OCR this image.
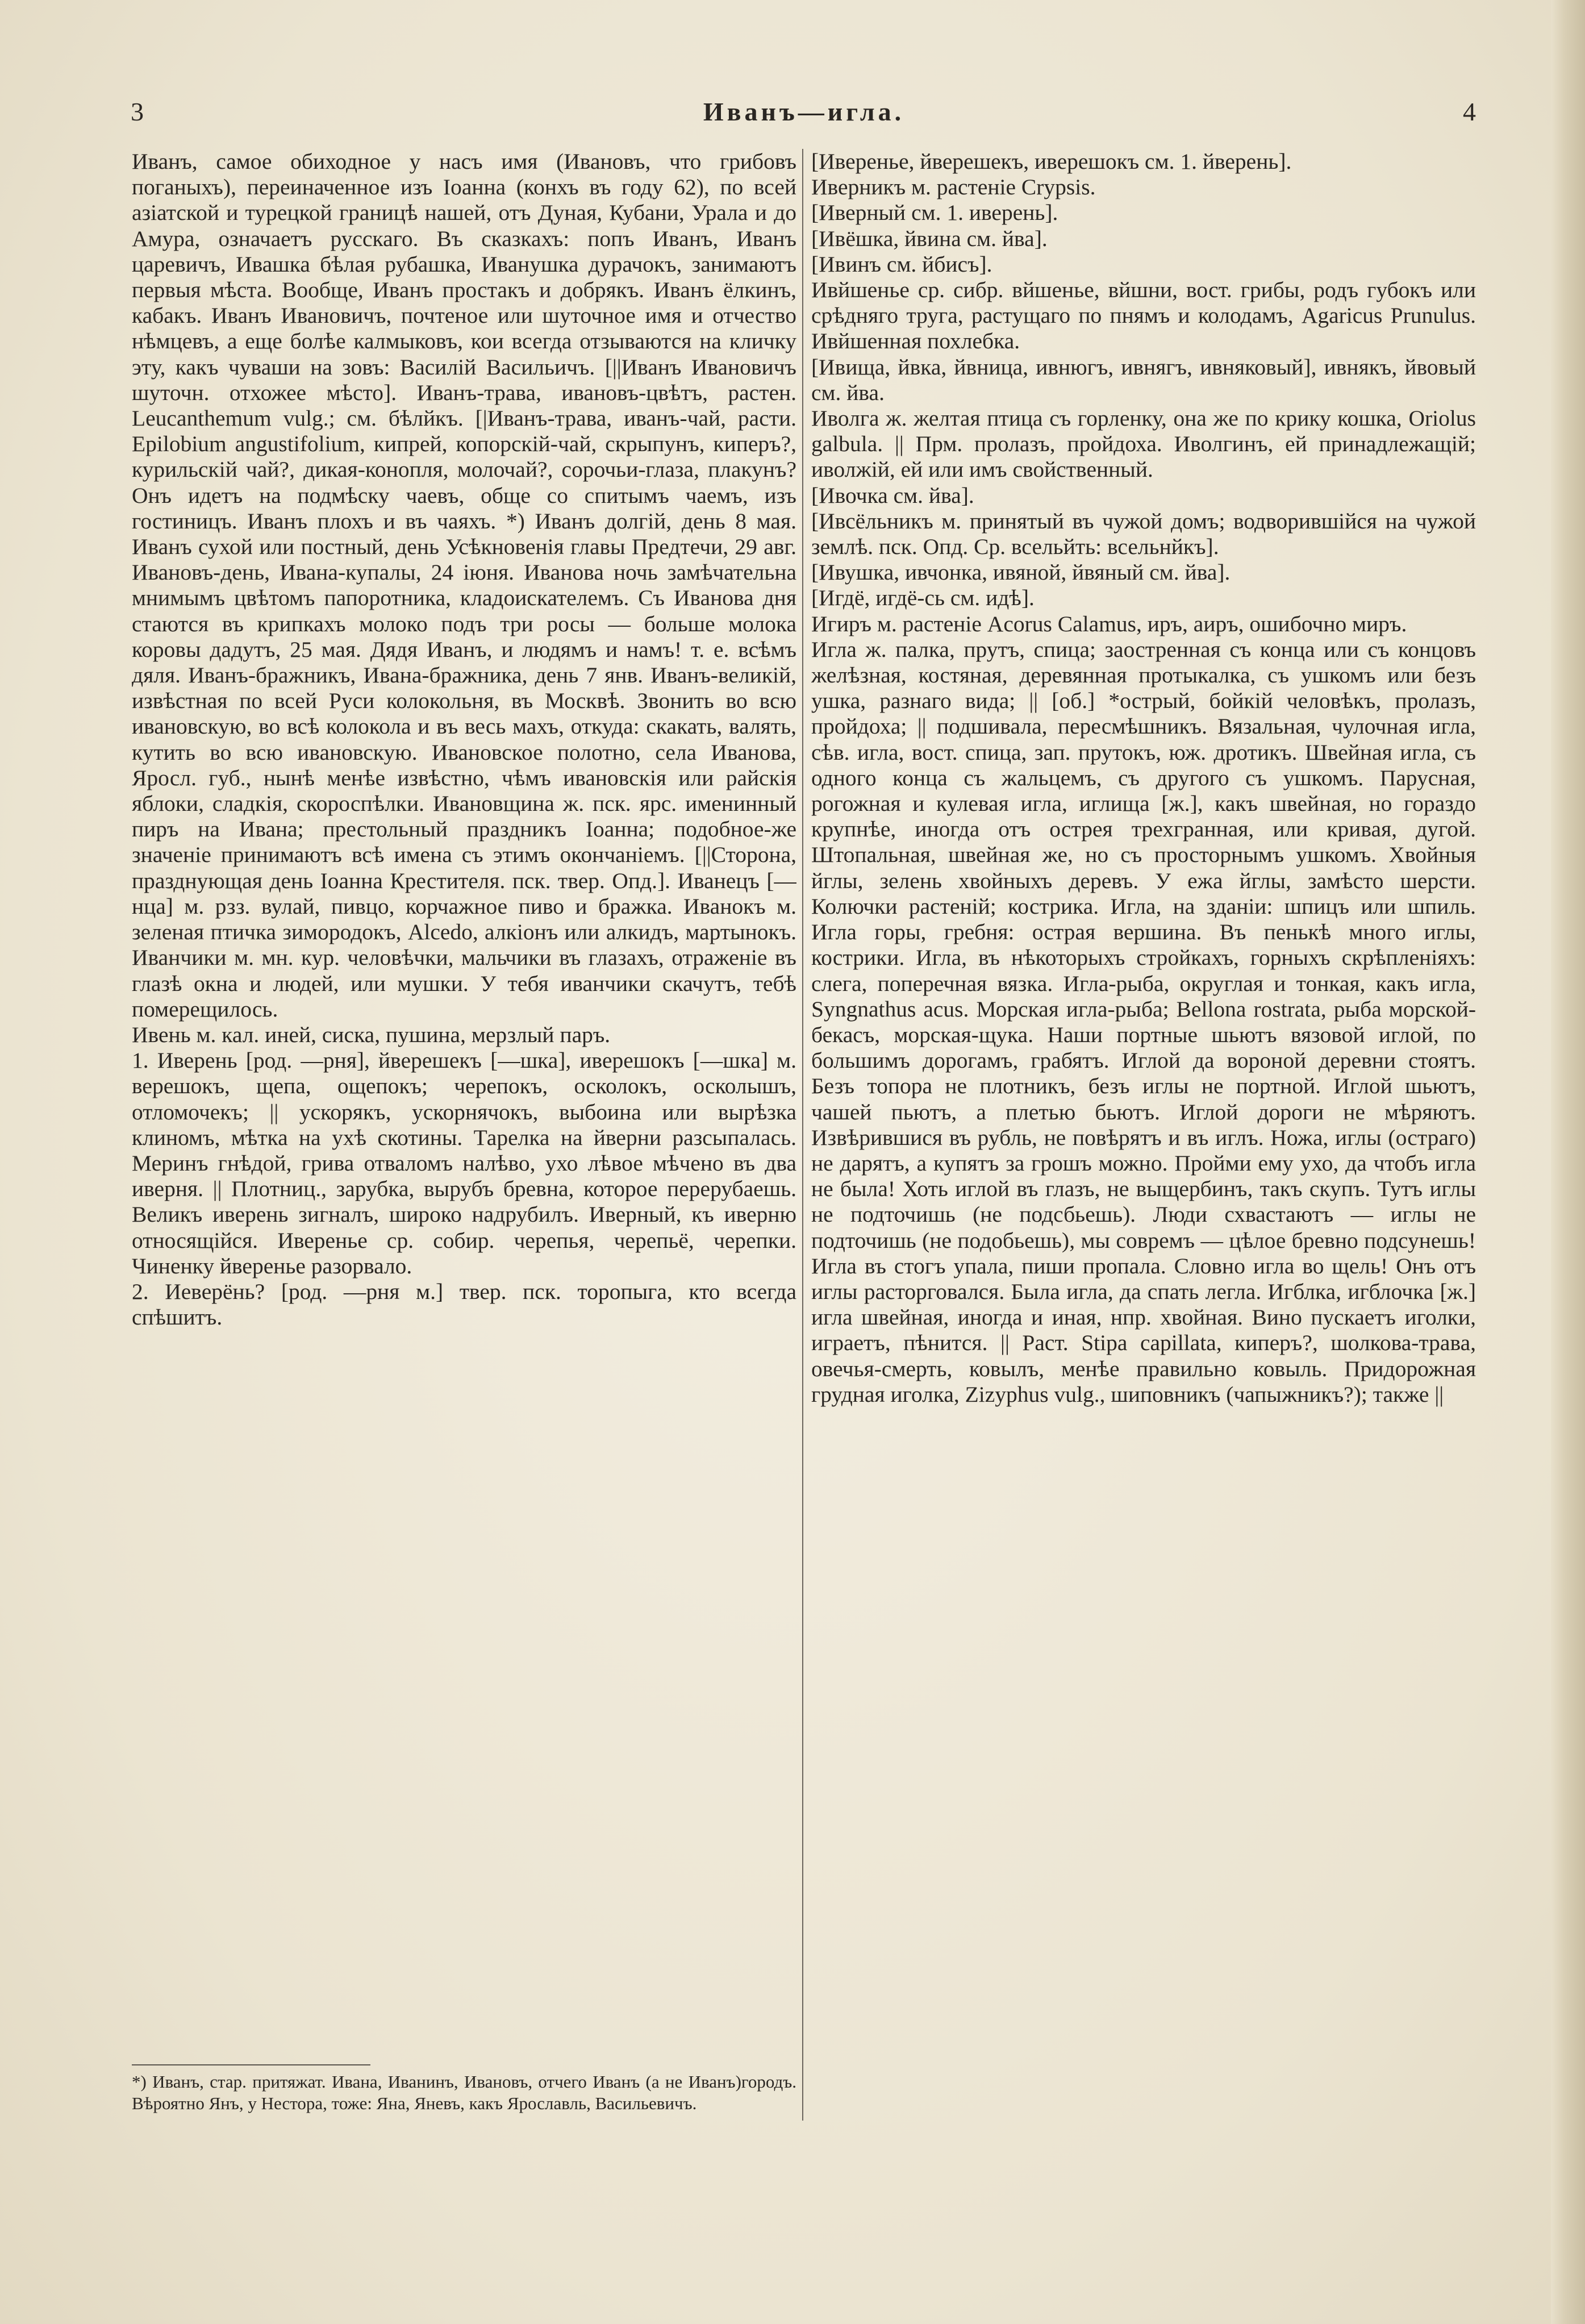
3	Иванъ—игла.	4

Иванъ, самое обиходное у насъ имя (Ивановъ, что грибовъ поганыхъ), переиначенное изъ Іоанна (конхъ въ году 62), по всей азіатской и турецкой границѣ нашей, отъ Дуная, Кубани, Урала и до Амура, означаетъ русскаго. Въ сказкахъ: попъ Иванъ, Иванъ царевичъ, Ивашка бѣлая рубашка, Иванушка дурачокъ, занимаютъ первыя мѣста. Вообще, Иванъ простакъ и добрякъ. Иванъ ёлкинъ, кабакъ. Иванъ Ивановичъ, почтеное или шуточное имя и отчество нѣмцевъ, а еще болѣе калмыковъ, кои всегда отзываются на кличку эту, какъ чуваши на зовъ: Василій Васильичъ. [||Иванъ Ивановичъ шуточн. отхожее мѣсто]. Иванъ-трава, ивановъ-цвѣтъ, растен. Leucanthemum vulg.; см. бѣлйкъ. [|Иванъ-трава, иванъ-чай, расти. Epilobium angustifolium, кипрей, копорскій-чай, скрыпунъ, киперъ?, курильскій чай?, дикая-конопля, молочай?, сорочьи-глаза, плакунъ? Онъ идетъ на подмѣску чаевъ, обще со спитымъ чаемъ, изъ гостиницъ. Иванъ плохъ и въ чаяхъ. *) Иванъ долгій, день 8 мая. Иванъ сухой или постный, день Усѣкновенія главы Предтечи, 29 авг. Ивановъ-день, Ивана-купалы, 24 іюня. Иванова ночь замѣчательна мнимымъ цвѣтомъ папоротника, кладоискателемъ. Съ Иванова дня стаются въ крипкахъ молоко подъ три росы — больше молока коровы дадутъ, 25 мая. Дядя Иванъ, и людямъ и намъ! т. е. всѣмъ дяля. Иванъ-бражникъ, Ивана-бражника, день 7 янв. Иванъ-великій, извѣстная по всей Руси колокольня, въ Москвѣ. Звонить во всю ивановскую, во всѣ колокола и въ весь махъ, откуда: скакать, валять, кутить во всю ивановскую. Ивановское полотно, села Иванова, Яросл. губ., нынѣ менѣе извѣстно, чѣмъ ивановскія или райскія яблоки, сладкія, скороспѣлки. Ивановщина ж. пск. ярс. именинный пиръ на Ивана; престольный праздникъ Іоанна; подобное-же значеніе принимаютъ всѣ имена съ этимъ окончаніемъ. [||Сторона, празднующая день Іоанна Крестителя. пск. твер. Опд.]. Иванецъ [—нца] м. рзз. вулай, пивцо, корчажное пиво и бражка. Иванокъ м. зеленая птичка зимородокъ, Alcedo, алкіонъ или алкидъ, мартынокъ. Иванчики м. мн. кур. человѣчки, мальчики въ глазахъ, отраженіе въ глазѣ окна и людей, или мушки. У тебя иванчики скачутъ, тебѣ померещилось.

Ивень м. кал. иней, сиска, пушина, мерзлый паръ.

1. Иверень [род. —рня], йверешекъ [—шка], иверешокъ [—шка] м. верешокъ, щепа, ощепокъ; черепокъ, осколокъ, осколышъ, отломочекъ; || ускорякъ, ускорнячокъ, выбоина или вырѣзка клиномъ, мѣтка на ухѣ скотины. Тарелка на йверни разсыпалась. Меринъ гнѣдой, грива отваломъ налѣво, ухо лѣвое мѣчено въ два иверня. || Плотниц., зарубка, вырубъ бревна, которое перерубаешь. Великъ иверень зигналъ, широко надрубилъ. Иверный, къ иверню относящійся. Иверенье ср. собир. черепья, черепьё, черепки. Чиненку йверенье разорвало.

2. Иеверёнь? [род. —рня м.] твер. пск. торопыга, кто всегда спѣшитъ.

[Иверенье, йверешекъ, иверешокъ см. 1. йверень].

Иверникъ м. растеніе Crypsis.

[Иверный см. 1. иверень].

[Ивёшка, йвина см. йва].

[Ивинъ см. йбисъ].

Ивйшенье ср. сибр. вйшенье, вйшни, вост. грибы, родъ губокъ или срѣдняго труга, растущаго по пнямъ и колодамъ, Agaricus Prunulus. Ивйшенная похлебка.

[Ивища, йвка, йвница, ивнюгъ, ивнягъ, ивняковый], ивнякъ, йвовый см. йва.

Иволга ж. желтая птица съ горленку, она же по крику кошка, Oriolus galbula. || Прм. пролазъ, пройдоха. Иволгинъ, ей принадлежащій; иволжій, ей или имъ свойственный.

[Ивочка см. йва].

[Ивсёльникъ м. принятый въ чужой домъ; водворившійся на чужой землѣ. пск. Опд. Ср. всельйть: всельнйкъ].

[Ивушка, ивчонка, ивяной, йвяный см. йва].

[Игдё, игдё-сь см. идѣ].

Игиръ м. растеніе Acorus Calamus, иръ, аиръ, ошибочно миръ.

Игла ж. палка, прутъ, спица; заостренная съ конца или съ концовъ желѣзная, костяная, деревянная протыкалка, съ ушкомъ или безъ ушка, разнаго вида; || [об.] *острый, бойкій человѣкъ, пролазъ, пройдоха; || подшивала, пересмѣшникъ. Вязальная, чулочная игла, сѣв. игла, вост. спица, зап. прутокъ, юж. дротикъ. Швейная игла, съ одного конца съ жальцемъ, съ другого съ ушкомъ. Парусная, рогожная и кулевая игла, иглища [ж.], какъ швейная, но гораздо крупнѣе, иногда отъ острея трехгранная, или кривая, дугой. Штопальная, швейная же, но съ просторнымъ ушкомъ. Хвойныя йглы, зелень хвойныхъ деревъ. У ежа йглы, замѣсто шерсти. Колючки растеній; кострика. Игла, на зданіи: шпицъ или шпиль. Игла горы, гребня: острая вершина. Въ пенькѣ много иглы, кострики. Игла, въ нѣкоторыхъ стройкахъ, горныхъ скрѣпленіяхъ: слега, поперечная вязка. Игла-рыба, округлая и тонкая, какъ игла, Syngnathus acus. Морская игла-рыба; Bellona rostrata, рыба морской-бекасъ, морская-щука. Наши портные шьютъ вязовой иглой, по большимъ дорогамъ, грабятъ. Иглой да вороной деревни стоятъ. Безъ топора не плотникъ, безъ иглы не портной. Иглой шьютъ, чашей пьютъ, а плетью бьютъ. Иглой дороги не мѣряютъ. Извѣрившися въ рубль, не повѣрятъ и въ иглъ. Ножа, иглы (остраго) не дарятъ, а купятъ за грошъ можно. Пройми ему ухо, да чтобъ игла не была! Хоть иглой въ глазъ, не выщербинъ, такъ скупъ. Тутъ иглы не подточишь (не подсбьешь). Люди схвастаютъ — иглы не подточишь (не подобьешь), мы совремъ — цѣлое бревно подсунешь! Игла въ стогъ упала, пиши пропала. Словно игла во щель! Онъ отъ иглы расторговался. Была игла, да спать легла. Игблка, игблочка [ж.] игла швейная, иногда и иная, нпр. хвойная. Вино пускаетъ иголки, играетъ, пѣнится. || Раст. Stipa capillata, киперъ?, шолкова-трава, овечья-смерть, ковылъ, менѣе правильно ковыль. Придорожная грудная иголка, Zizyphus vulg., шиповникъ (чапыжникъ?); также ||

*) Иванъ, стар. притяжат. Ивана, Иванинъ, Ивановъ, отчего Иванъ (а не Иванъ)городъ. Вѣроятно Янъ, у Нестора, тоже: Яна, Яневъ, какъ Ярославль, Васильевичъ.
